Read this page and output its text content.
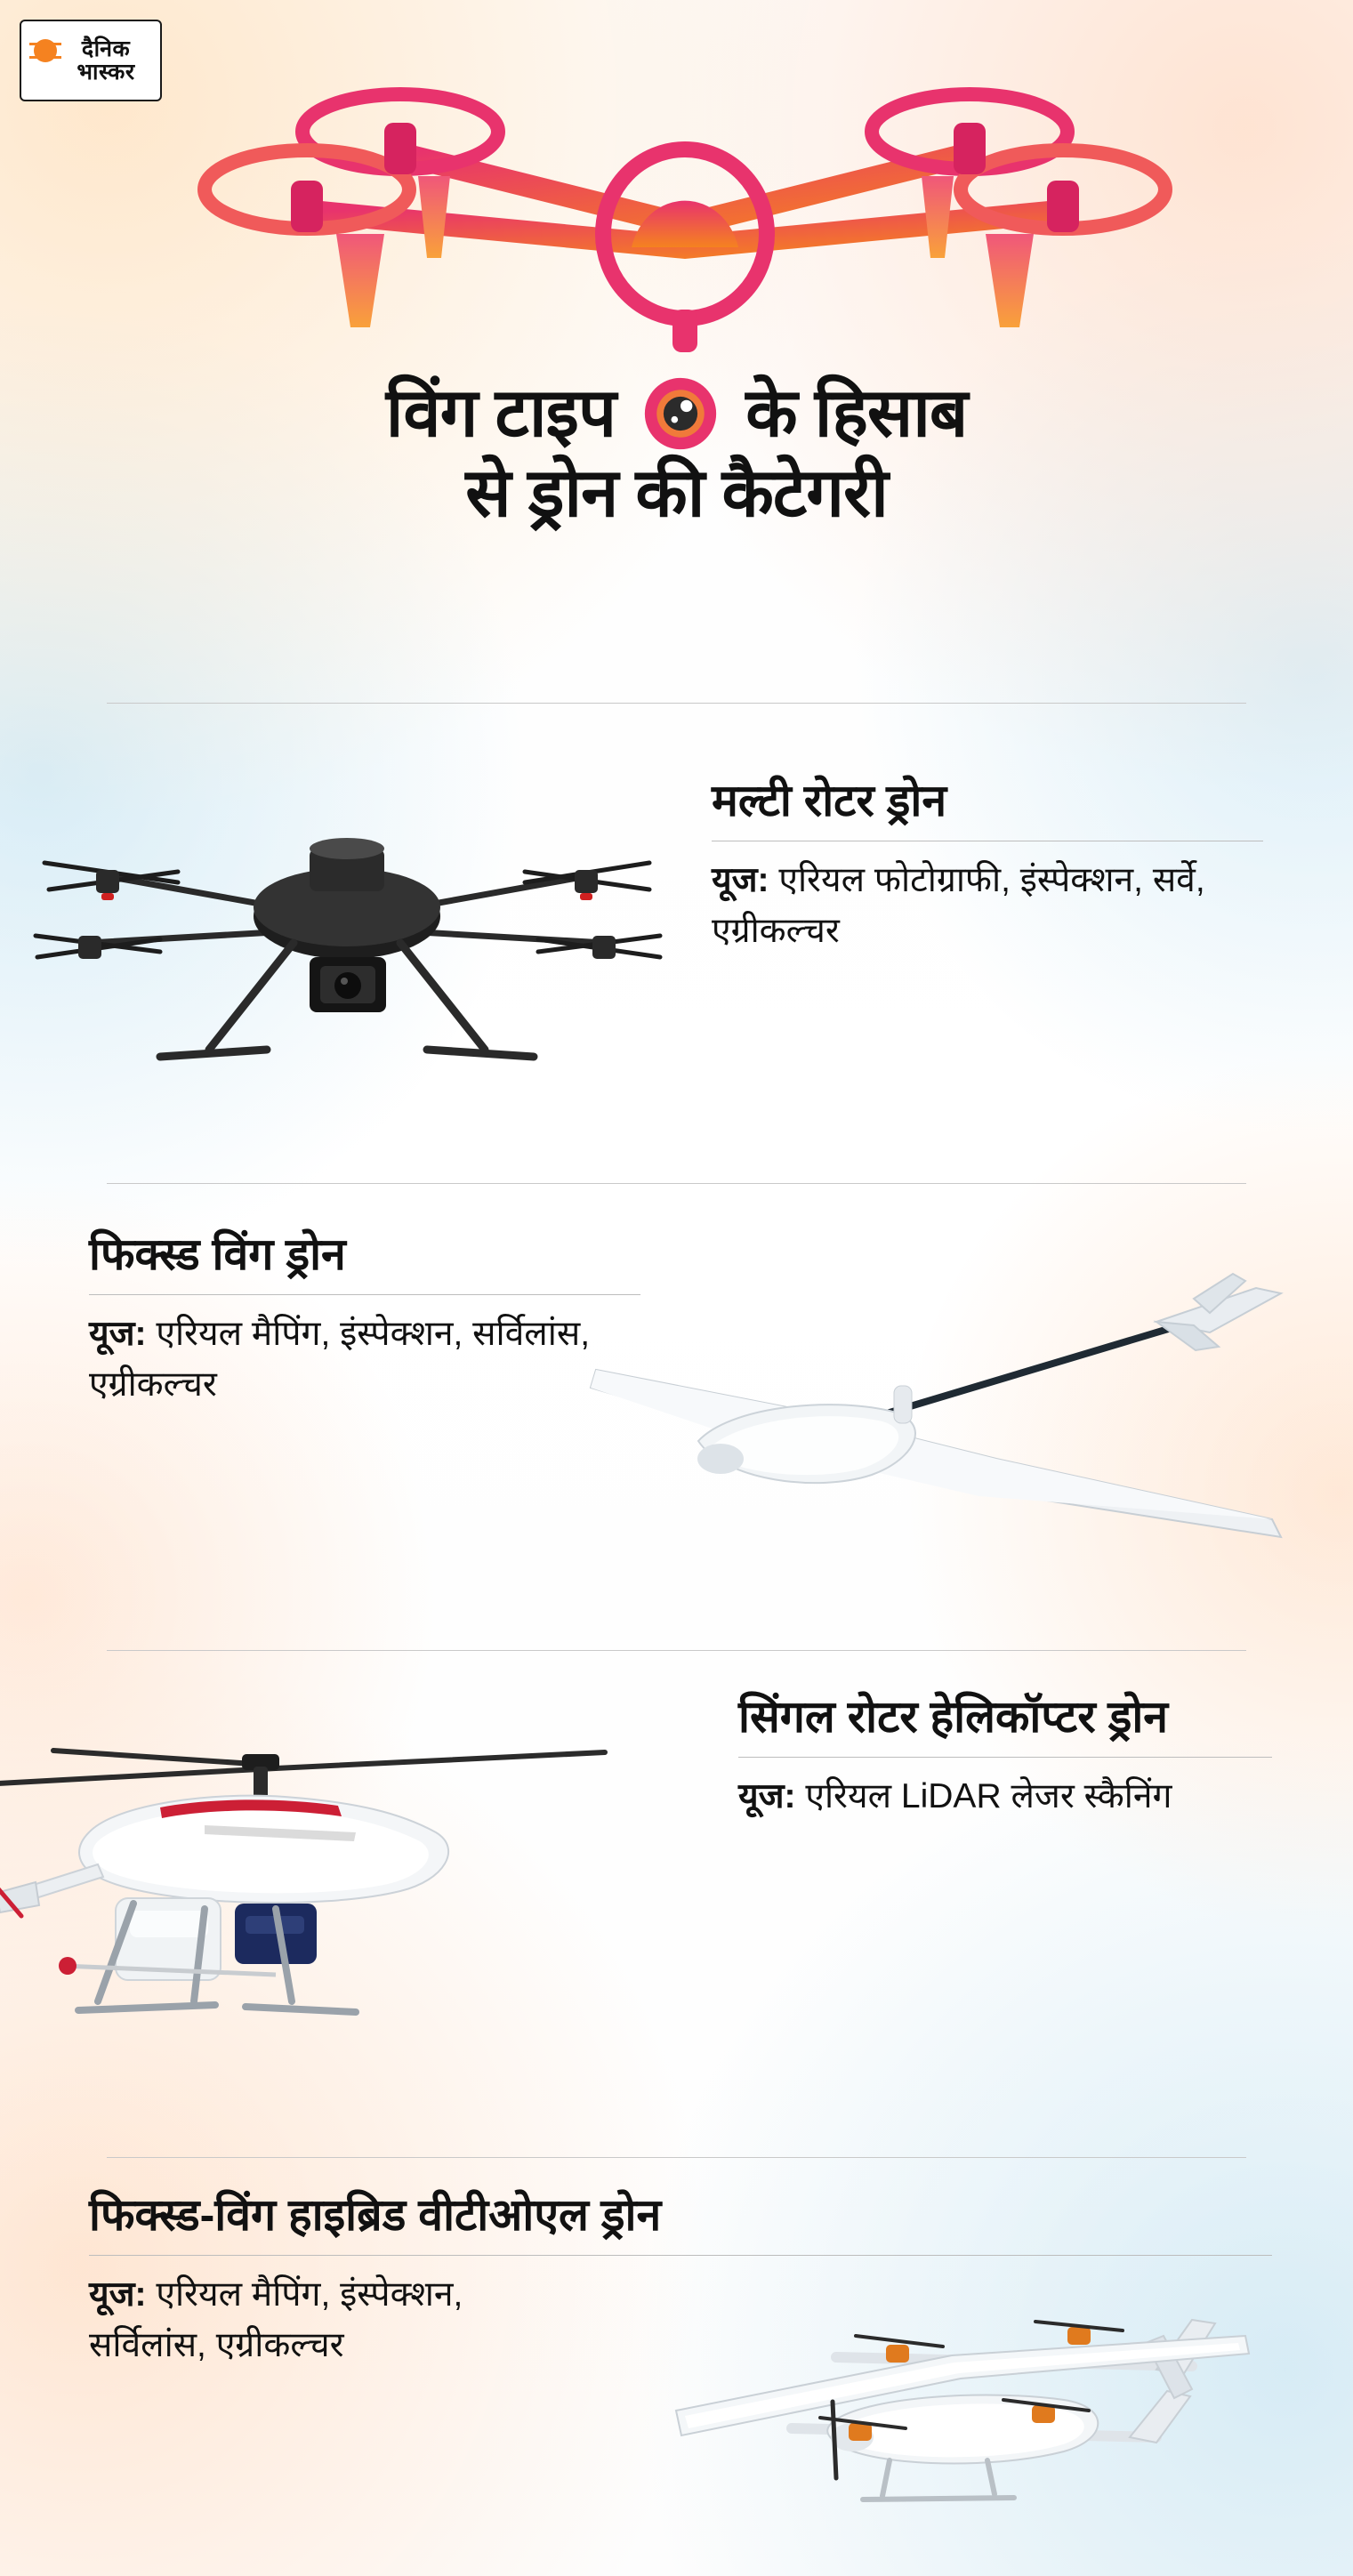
दैनिक
भास्कर
विंग टाइप के हिसाब
से ड्रोन की कैटेगरी
मल्टी रोटर ड्रोन
यूज: एरियल फोटोग्राफी, इंस्पेक्शन, सर्वे, एग्रीकल्चर
फिक्स्ड विंग ड्रोन
यूज: एरियल मैपिंग, इंस्पेक्शन, सर्विलांस, एग्रीकल्चर
सिंगल रोटर हेलिकॉप्टर ड्रोन
यूज: एरियल LiDAR लेजर स्कैनिंग
फिक्स्ड-विंग हाइब्रिड वीटीओएल ड्रोन
यूज: एरियल मैपिंग, इंस्पेक्शन, सर्विलांस, एग्रीकल्चर
